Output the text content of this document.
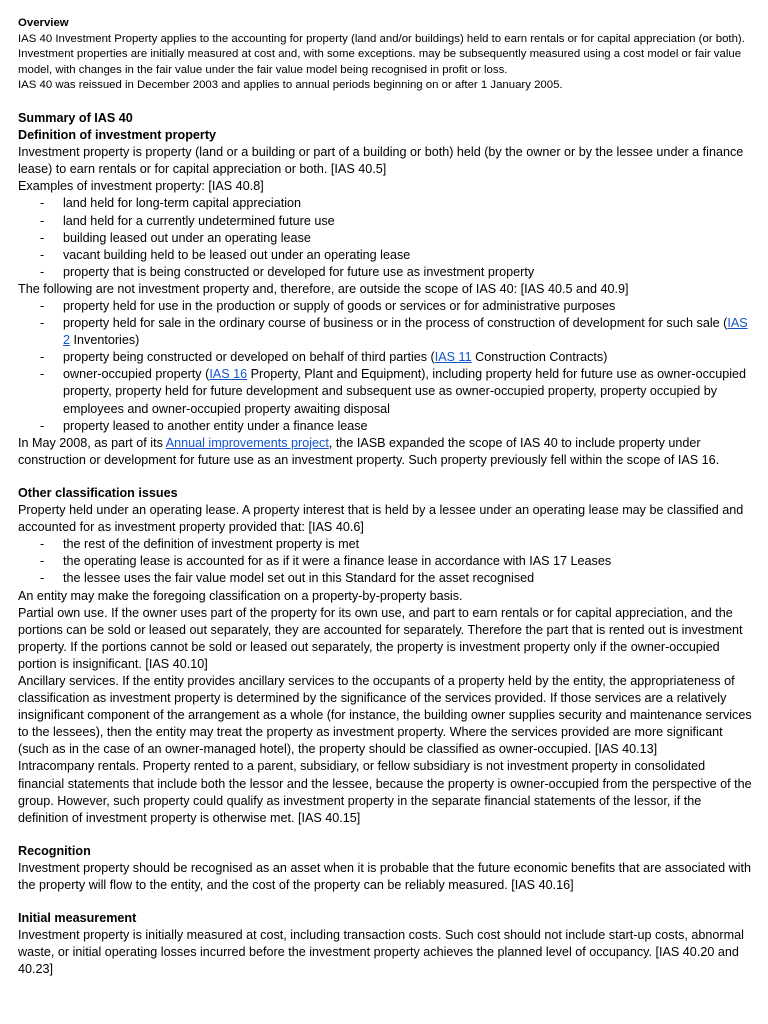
Overview

IAS 40 Investment Property applies to the accounting for property (land and/or buildings) held to earn rentals or for capital appreciation (or both). Investment properties are initially measured at cost and, with some exceptions. may be subsequently measured using a cost model or fair value model, with changes in the fair value under the fair value model being recognised in profit or loss.

IAS 40 was reissued in December 2003 and applies to annual periods beginning on or after 1 January 2005.

Summary of IAS 40

Definition of investment property

Investment property is property (land or a building or part of a building or both) held (by the owner or by the lessee under a finance lease) to earn rentals or for capital appreciation or both. [IAS 40.5]

Examples of investment property: [IAS 40.8]

- land held for long-term capital appreciation
- land held for a currently undetermined future use
- building leased out under an operating lease
- vacant building held to be leased out under an operating lease
- property that is being constructed or developed for future use as investment property

The following are not investment property and, therefore, are outside the scope of IAS 40: [IAS 40.5 and 40.9]

- property held for use in the production or supply of goods or services or for administrative purposes
- property held for sale in the ordinary course of business or in the process of construction of development for such sale (IAS 2 Inventories)
- property being constructed or developed on behalf of third parties (IAS 11 Construction Contracts)
- owner-occupied property (IAS 16 Property, Plant and Equipment), including property held for future use as owner-occupied property, property held for future development and subsequent use as owner-occupied property, property occupied by employees and owner-occupied property awaiting disposal
- property leased to another entity under a finance lease

In May 2008, as part of its Annual improvements project, the IASB expanded the scope of IAS 40 to include property under construction or development for future use as an investment property. Such property previously fell within the scope of IAS 16.

Other classification issues

Property held under an operating lease. A property interest that is held by a lessee under an operating lease may be classified and accounted for as investment property provided that: [IAS 40.6]

- the rest of the definition of investment property is met
- the operating lease is accounted for as if it were a finance lease in accordance with IAS 17 Leases
- the lessee uses the fair value model set out in this Standard for the asset recognised

An entity may make the foregoing classification on a property-by-property basis.

Partial own use. If the owner uses part of the property for its own use, and part to earn rentals or for capital appreciation, and the portions can be sold or leased out separately, they are accounted for separately. Therefore the part that is rented out is investment property. If the portions cannot be sold or leased out separately, the property is investment property only if the owner-occupied portion is insignificant. [IAS 40.10]

Ancillary services. If the entity provides ancillary services to the occupants of a property held by the entity, the appropriateness of classification as investment property is determined by the significance of the services provided. If those services are a relatively insignificant component of the arrangement as a whole (for instance, the building owner supplies security and maintenance services to the lessees), then the entity may treat the property as investment property. Where the services provided are more significant (such as in the case of an owner-managed hotel), the property should be classified as owner-occupied. [IAS 40.13]

Intracompany rentals. Property rented to a parent, subsidiary, or fellow subsidiary is not investment property in consolidated financial statements that include both the lessor and the lessee, because the property is owner-occupied from the perspective of the group. However, such property could qualify as investment property in the separate financial statements of the lessor, if the definition of investment property is otherwise met. [IAS 40.15]

Recognition

Investment property should be recognised as an asset when it is probable that the future economic benefits that are associated with the property will flow to the entity, and the cost of the property can be reliably measured. [IAS 40.16]

Initial measurement

Investment property is initially measured at cost, including transaction costs. Such cost should not include start-up costs, abnormal waste, or initial operating losses incurred before the investment property achieves the planned level of occupancy. [IAS 40.20 and 40.23]
